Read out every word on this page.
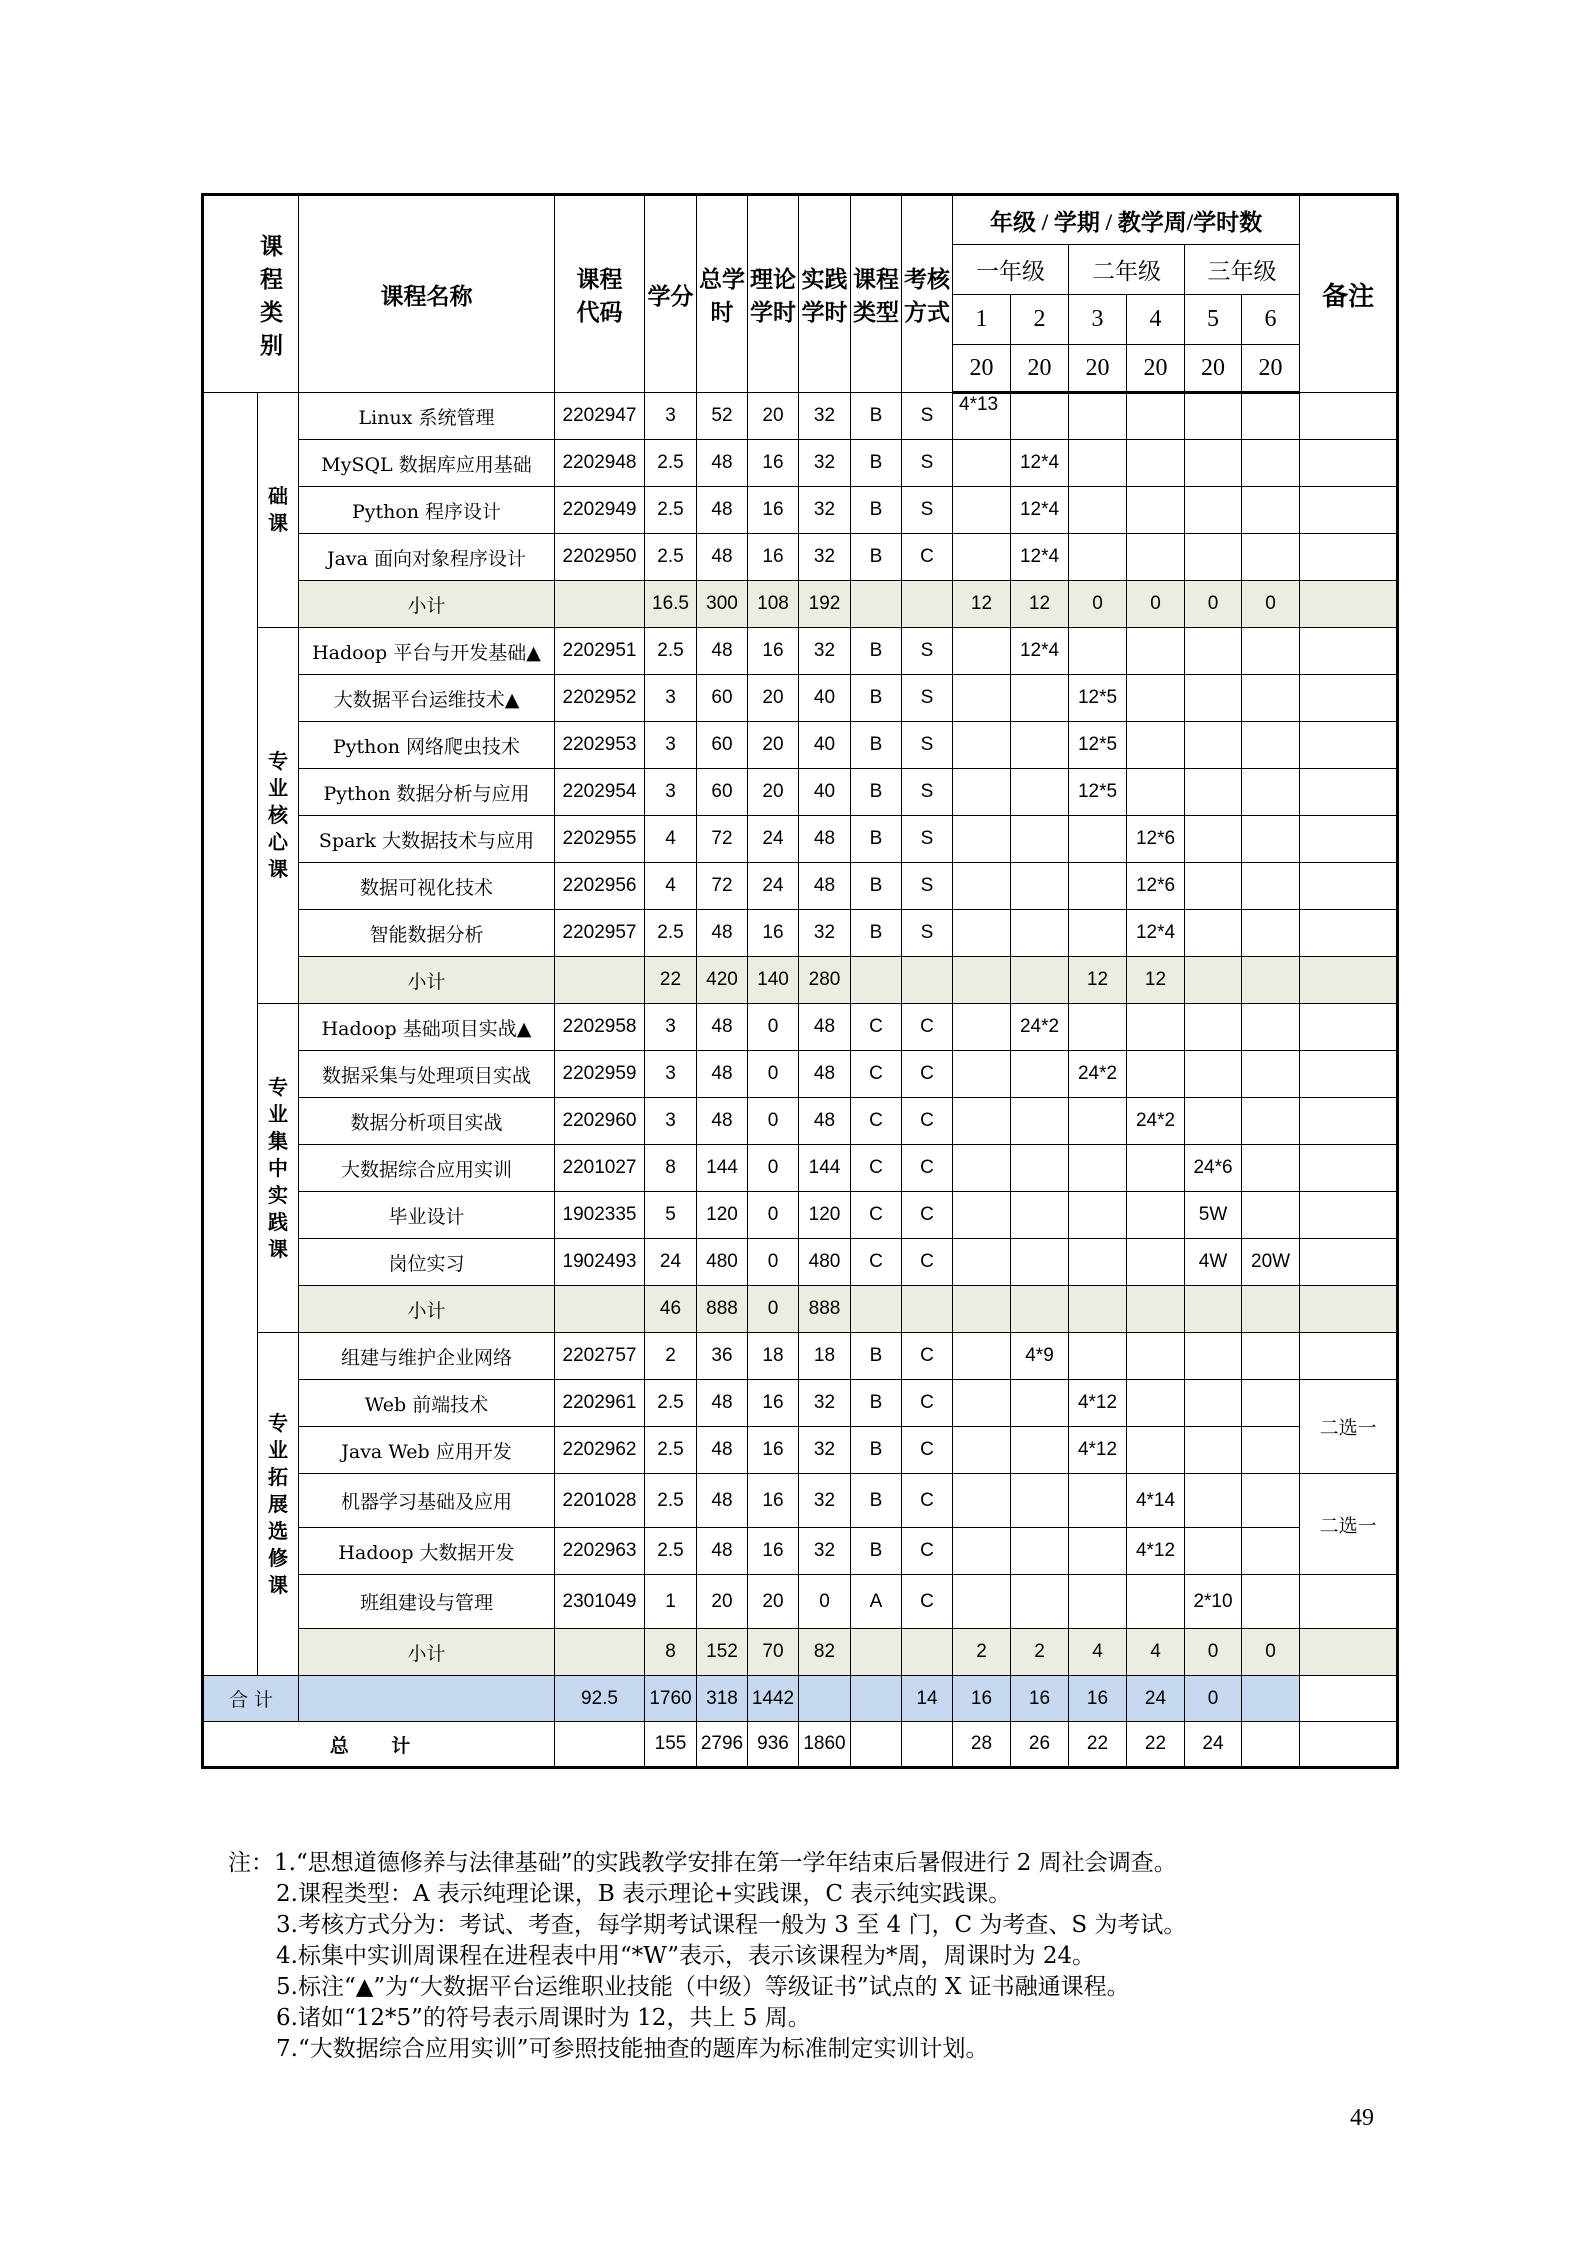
课程类别		课程名称	课程代码	学分	总学时	理论学时	实践学时	课程类型	考核方式	年级 / 学期 / 教学周/学时数						备注
										一年级		二年级		三年级		
										1	2	3	4	5	6	
										20	20	20	20	20	20	
	础课	Linux 系统管理	2202947	3	52	20	32	B	S	4*13						
		MySQL 数据库应用基础	2202948	2.5	48	16	32	B	S		12*4					
		Python 程序设计	2202949	2.5	48	16	32	B	S		12*4					
		Java 面向对象程序设计	2202950	2.5	48	16	32	B	C		12*4					
		小计		16.5	300	108	192			12	12	0	0	0	0	
	专业核心课	Hadoop 平台与开发基础▲	2202951	2.5	48	16	32	B	S		12*4					
		大数据平台运维技术▲	2202952	3	60	20	40	B	S			12*5				
		Python 网络爬虫技术	2202953	3	60	20	40	B	S			12*5				
		Python 数据分析与应用	2202954	3	60	20	40	B	S			12*5				
		Spark 大数据技术与应用	2202955	4	72	24	48	B	S				12*6			
		数据可视化技术	2202956	4	72	24	48	B	S				12*6			
		智能数据分析	2202957	2.5	48	16	32	B	S				12*4			
		小计		22	420	140	280					12	12			
	专业集中实践课	Hadoop 基础项目实战▲	2202958	3	48	0	48	C	C		24*2					
		数据采集与处理项目实战	2202959	3	48	0	48	C	C			24*2				
		数据分析项目实战	2202960	3	48	0	48	C	C				24*2			
		大数据综合应用实训	2201027	8	144	0	144	C	C					24*6		
		毕业设计	1902335	5	120	0	120	C	C					5W		
		岗位实习	1902493	24	480	0	480	C	C					4W	20W	
		小计		46	888	0	888									
	专业拓展选修课	组建与维护企业网络	2202757	2	36	18	18	B	C		4*9					
		Web 前端技术	2202961	2.5	48	16	32	B	C			4*12				二选一
		Java Web 应用开发	2202962	2.5	48	16	32	B	C			4*12				
		机器学习基础及应用	2201028	2.5	48	16	32	B	C				4*14			二选一
		Hadoop 大数据开发	2202963	2.5	48	16	32	B	C				4*12			
		班组建设与管理	2301049	1	20	20	0	A	C					2*10		
		小计		8	152	70	82			2	2	4	4	0	0	
合 计			92.5	1760	318	1442			14	16	16	16	24	0		
总 计				155	2796	936	1860			28	26	22	22	24		
注：1.“思想道德修养与法律基础”的实践教学安排在第一学年结束后暑假进行 2 周社会调查。
2.课程类型：A 表示纯理论课，B 表示理论+实践课，C 表示纯实践课。
3.考核方式分为：考试、考查，每学期考试课程一般为 3 至 4 门，C 为考查、S 为考试。
4.标集中实训周课程在进程表中用“*W”表示，表示该课程为*周，周课时为 24。
5.标注“▲”为“大数据平台运维职业技能（中级）等级证书”试点的 X 证书融通课程。
6.诸如“12*5”的符号表示周课时为 12，共上 5 周。
7.“大数据综合应用实训”可参照技能抽查的题库为标准制定实训计划。
49
